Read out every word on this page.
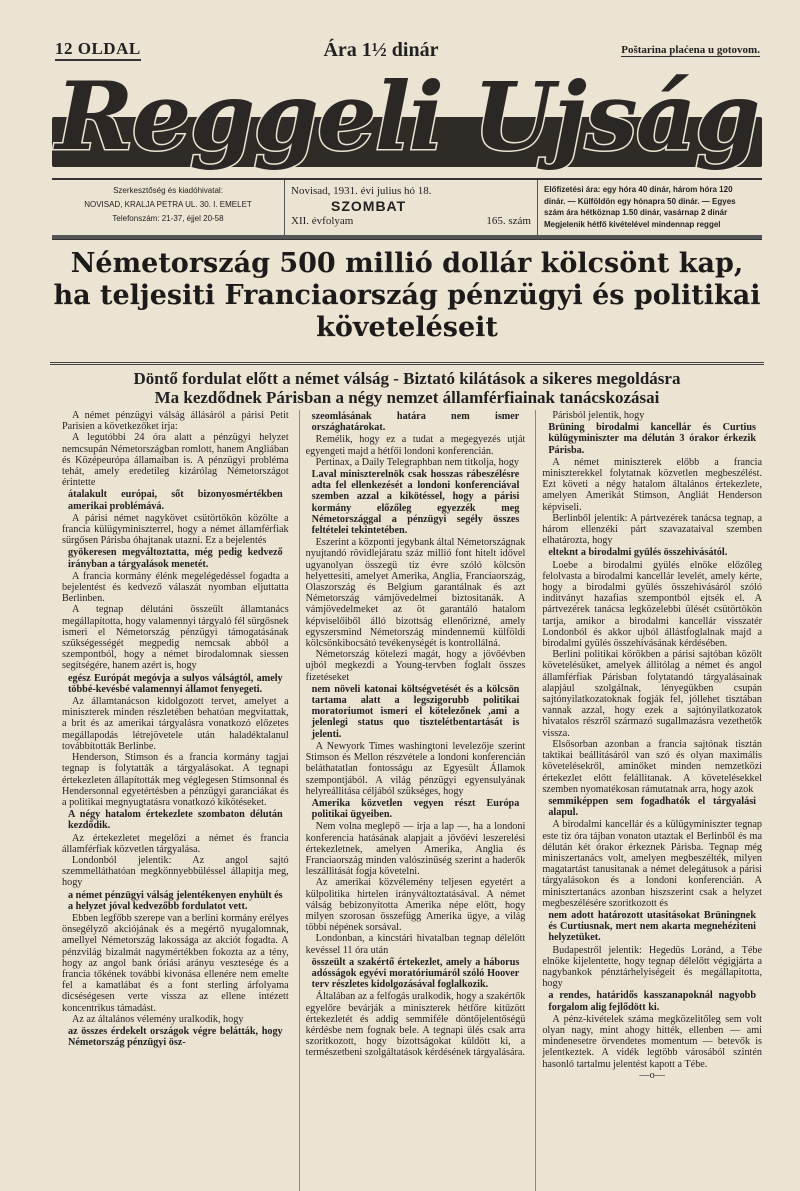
12 OLDAL	Ára 1½ dinár	Poštarina plaćena u gotovom.
Reggeli Ujság
Szerkesztőség és kiadóhivatal:
NOVISAD, KRALJA PETRA UL. 30. I. EMELET
Telefonszám: 21-37, éjjel 20-58
Novisad, 1931. évi julius hó 18.
SZOMBAT
XII. évfolyam	165. szám
Előfizetési ára: egy hóra 40 dinár, három hóra 120
dinár. — Külföldön egy hónapra 50 dinár. — Egyes
szám ára hétköznap 1.50 dinár, vasárnap 2 dinár
Megjelenik hétfő kivételével mindennap reggel
Németország 500 millió dollár kölcsönt kap, ha teljesiti Franciaország pénzügyi és politikai követeléseit
Döntő fordulat előtt a német válság - Biztató kilátások a sikeres megoldásra
Ma kezdődnek Párisban a négy nemzet államférfiainak tanácskozásai

A német pénzügyi válság állásáról a párisi Petit Parisien a következőket irja:

A legutóbbi 24 óra alatt a pénzügyi helyzet nemcsupán Németországban romlott, hanem Angliában és Középeurópa államaiban is. A pénzügyi probléma tehát, amely eredetileg kizárólag Németországot érintette

átalakult európai, sőt bizonyosmértékben amerikai problémává.

A párisi német nagykövet csütörtökön közölte a francia külügyminiszterrel, hogy a német államférfiak sürgősen Párisba óhajtanak utazni. Ez a bejelentés

gyökeresen megváltoztatta, még pedig kedvező irányban a tárgyalások menetét.

A francia kormány élénk megelégedéssel fogadta a bejelentést és kedvező válaszát nyomban eljuttatta Berlinben.

A tegnap délutáni összeült államtanács megállapította, hogy valamennyi tárgyaló fél sürgősnek ismeri el Németország pénzügyi támogatásának szükségességét megpedig nemcsak abból a szempontból, hogy a német birodalomnak siessen segítségére, hanem azért is, hogy

egész Európát megóvja a sulyos válságtól, amely többé-kevésbé valamennyi államot fenyegeti.

Az államtanácson kidolgozott tervet, amelyet a miniszterek minden részletében behatóan megvitattak, a brit és az amerikai tárgyalásra vonatkozó előzetes megállapodás létrejövetele után haladéktalanul továbbították Berlinbe.

Henderson, Stimson és a francia kormány tagjai tegnap is folytatták a tárgyalásokat. A tegnapi értekezleten állapították meg véglegesen Stimsonnal és Hendersonnal egyetértésben a pénzügyi garanciákat és a politikai megnyugtatásra vonatkozó kikötéseket.

A négy hatalom értekezlete szombaton délután kezdődik.

Az értekezletet megelőzi a német és francia államférfiak közvetlen tárgyalása.

Londonból jelentik: Az angol sajtó szemmelláthatóan megkönnyebbüléssel állapitja meg, hogy

a német pénzügyi válság jelentékenyen enyhült és a helyzet jóval kedvezőbb fordulatot vett.

Ebben legfőbb szerepe van a berlini kormány erélyes önsegélyző akciójának és a megértő nyugalomnak, amellyel Németország lakossága az akciót fogadta. A pénzvilág bizalmát nagymértékben fokozta az a tény, hogy az angol bank óriási arányu vesztesége és a francia tőkének további kivonása ellenére nem emelte fel a kamatlábat és a font sterling árfolyama dicséségesen verte vissza az ellene intézett koncentrikus támadást.

Az az általános vélemény uralkodik, hogy

az összes érdekelt országok végre belátták, hogy Németország pénzügyi ösz-

szeomlásának határa nem ismer országhatárokat.

Remélik, hogy ez a tudat a megegyezés utját egyengeti majd a hétfői londoni konferencián.

Pertinax, a Daily Telegraphban nem titkolja, hogy

Laval miniszterelnök csak hosszas rábeszélésre adta fel ellenkezését a londoni konferenciával szemben azzal a kikötéssel, hogy a párisi kormány előzőleg egyezzék meg Németországgal a pénzügyi segély összes feltételei tekintetében.

Eszerint a központi jegybank által Németországnak nyujtandó rövidlejáratu száz millió font hitelt idővel ugyanolyan összegü tíz évre szóló kölcsön helyettesiti, amelyet Amerika, Anglia, Franciaország, Olaszország és Belgium garantálnak és azt Németország vámjövedelmei biztositanák. A vámjövedelmeket az öt garantáló hatalom képviselőiből álló bizottság ellenőrizné, amely egyszersmind Németország mindennemü külföldi kölcsönkibocsátó tevékenységét is kontrollálná.

Németország kötelezi magát, hogy a jövőévben ujból megkezdi a Young-tervben foglalt összes fizetéseket

nem növeli katonai költségvetését és a kölcsön tartama alatt a legszigorubb politikai moratoriumot ismeri el kötelezőnek ,ami a jelenlegi status quo tisztelétbentartását is jelenti.

A Newyork Times washingtoni levelezője szerint Stimson és Mellon részvétele a londoni konferencián beláthatatlan fontosságu az Egyesült Államok szempontjából. A világ pénzügyi egyensulyának helyreállitása céljából szükséges, hogy

Amerika közvetlen vegyen részt Európa politikai ügyeiben.

Nem volna meglepő — irja a lap —, ha a londoni konferencia hatásának alapjait a jövőévi leszerelési értekezletnek, amelyen Amerika, Anglia és Franciaország minden valószinüség szerint a haderők leszállitását fogja követelni.

Az amerikai közvélemény teljesen egyetért a külpolitika hirtelen irányváltoztatásával. A német válság bebizonyította Amerika népe előtt, hogy milyen szorosan összefügg Amerika ügye, a világ többi népének sorsával.

Londonban, a kincstári hivatalban tegnap délelőtt kevéssel 11 óra után

összeült a szakértő értekezlet, amely a háborus adósságok egyévi moratóriumáról szóló Hoover terv részletes kidolgozásával foglalkozik.

Általában az a felfogás uralkodik, hogy a szakértők egyelőre bevárják a miniszterek hétfőre kitűzött értekezletét és addig semmiféle döntőjelentőségü kérdésbe nem fognak bele. A tegnapi ülés csak arra szoritkozott, hogy bizottságokat küldött ki, a természetbeni szolgáltatások kérdésének tárgyalására.

Párisból jelentik, hogy

Brüning birodalmi kancellár és Curtius külügyminiszter ma délután 3 órakor érkezik Párisba.

A német miniszterek előbb a francia miniszterekkel folytatnak közvetlen megbeszélést. Ezt követi a négy hatalom általános értekezlete, amelyen Amerikát Stimson, Angliát Henderson képviseli.

Berlinből jelentik: A pártvezérek tanácsa tegnap, a három ellenzéki párt szavazataival szemben elhatározta, hogy

elteknt a birodalmi gyülés összehivásától.

Loebe a birodalmi gyülés elnöke előzőleg felolvasta a birodalmi kancellár levelét, amely kérte, hogy a birodalmi gyülés összehivásáról szóló inditványt hazafias szempontból ejtsék el. A pártvezérek tanácsa legközelebbi ülését csütörtökön tartja, amikor a birodalmi kancellár visszatér Londonból és akkor ujból állástfoglalnak majd a birodalmi gyülés összehivásának kérdésében.

Berlini politikai körökben a párisi sajtóban közölt követelésüket, amelyek állitólag a német és angol államférfiak Párisban folytatandó tárgyalásainak alapjául szolgálnak, lényegükben csupán sajtónyilatkozatoknak fogják fel, jóllehet tisztában vannak azzal, hogy ezek a sajtónyilatkozatok hivatalos részről származó sugallmazásra vezethetők vissza.

Elsősorban azonban a francia sajtónak tisztán taktikai beállitásáról van szó és olyan maximális követelésekről, aminőket minden nemzetközi értekezlet előtt felállitanak. A követelésekkel szemben nyomatékosan rámutatnak arra, hogy azok

semmiképpen sem fogadhatók el tárgyalási alapul.

A birodalmi kancellár és a külügyminiszter tegnap este tíz óra tájban vonaton utaztak el Berlinből és ma délután két órakor érkeznek Párisba. Tegnap még miniszertanács volt, amelyen megbeszélték, milyen magatartást tanusitanak a német delegátusok a párisi tárgyalásokon és a londoni konferencián. A minisztertanács azonban hiszszerint csak a helyzet megbeszélésére szoritkozott és

nem adott határozott utasitásokat Brüningnek és Curtiusnak, mert nem akarta megnehéziteni helyzetüket.

Budapestről jelentik: Hegedüs Loránd, a Tébe elnöke kijelentette, hogy tegnap délelőtt végigjárta a nagybankok pénztárhelyiségeit és megállapitotta, hogy

a rendes, határidős kasszanapoknál nagyobb forgalom alig fejlődött ki.

A pénz-kivételek száma megközelitőleg sem volt olyan nagy, mint ahogy hitték, ellenben — ami mindenesetre örvendetes momentum — betevők is jelentkeztek. A vidék legtöbb városából szintén hasonló tartalmu jelentést kapott a Tébe.

—o—
